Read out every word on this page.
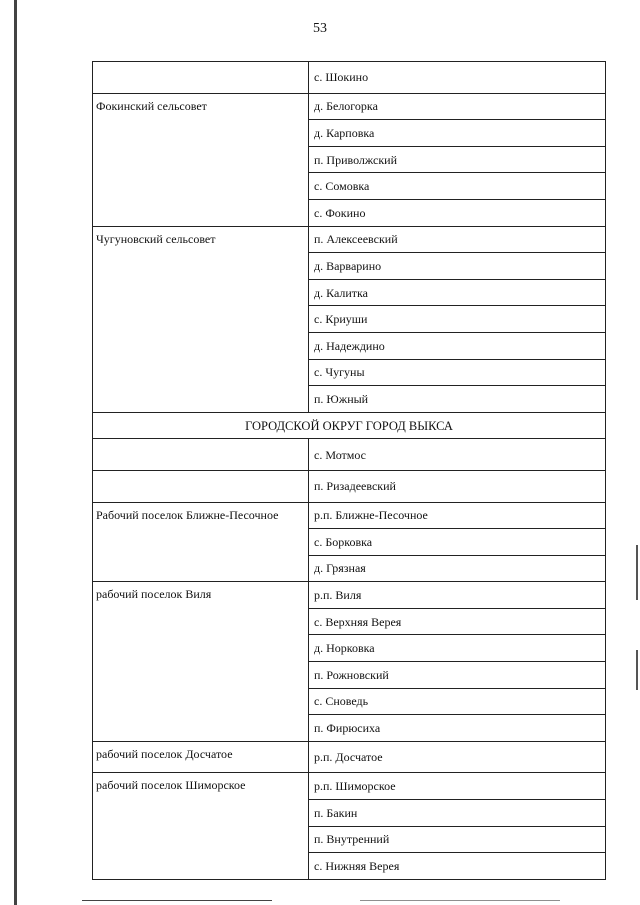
53
	с. Шокино
Фокинский сельсовет	д. Белогорка
	д. Карповка
	п. Приволжский
	с. Сомовка
	с. Фокино
Чугуновский сельсовет	п. Алексеевский
	д. Варварино
	д. Калитка
	с. Криуши
	д. Надеждино
	с. Чугуны
	п. Южный
ГОРОДСКОЙ ОКРУГ ГОРОД ВЫКСА	
	с. Мотмос
	п. Ризадеевский
Рабочий поселок Ближне-Песочное	р.п. Ближне-Песочное
	с. Борковка
	д. Грязная
рабочий поселок Виля	р.п. Виля
	с. Верхняя Верея
	д. Норковка
	п. Рожновский
	с. Сноведь
	п. Фирюсиха
рабочий поселок Досчатое	р.п. Досчатое
рабочий поселок Шиморское	р.п. Шиморское
	п. Бакин
	п. Внутренний
	с. Нижняя Верея
